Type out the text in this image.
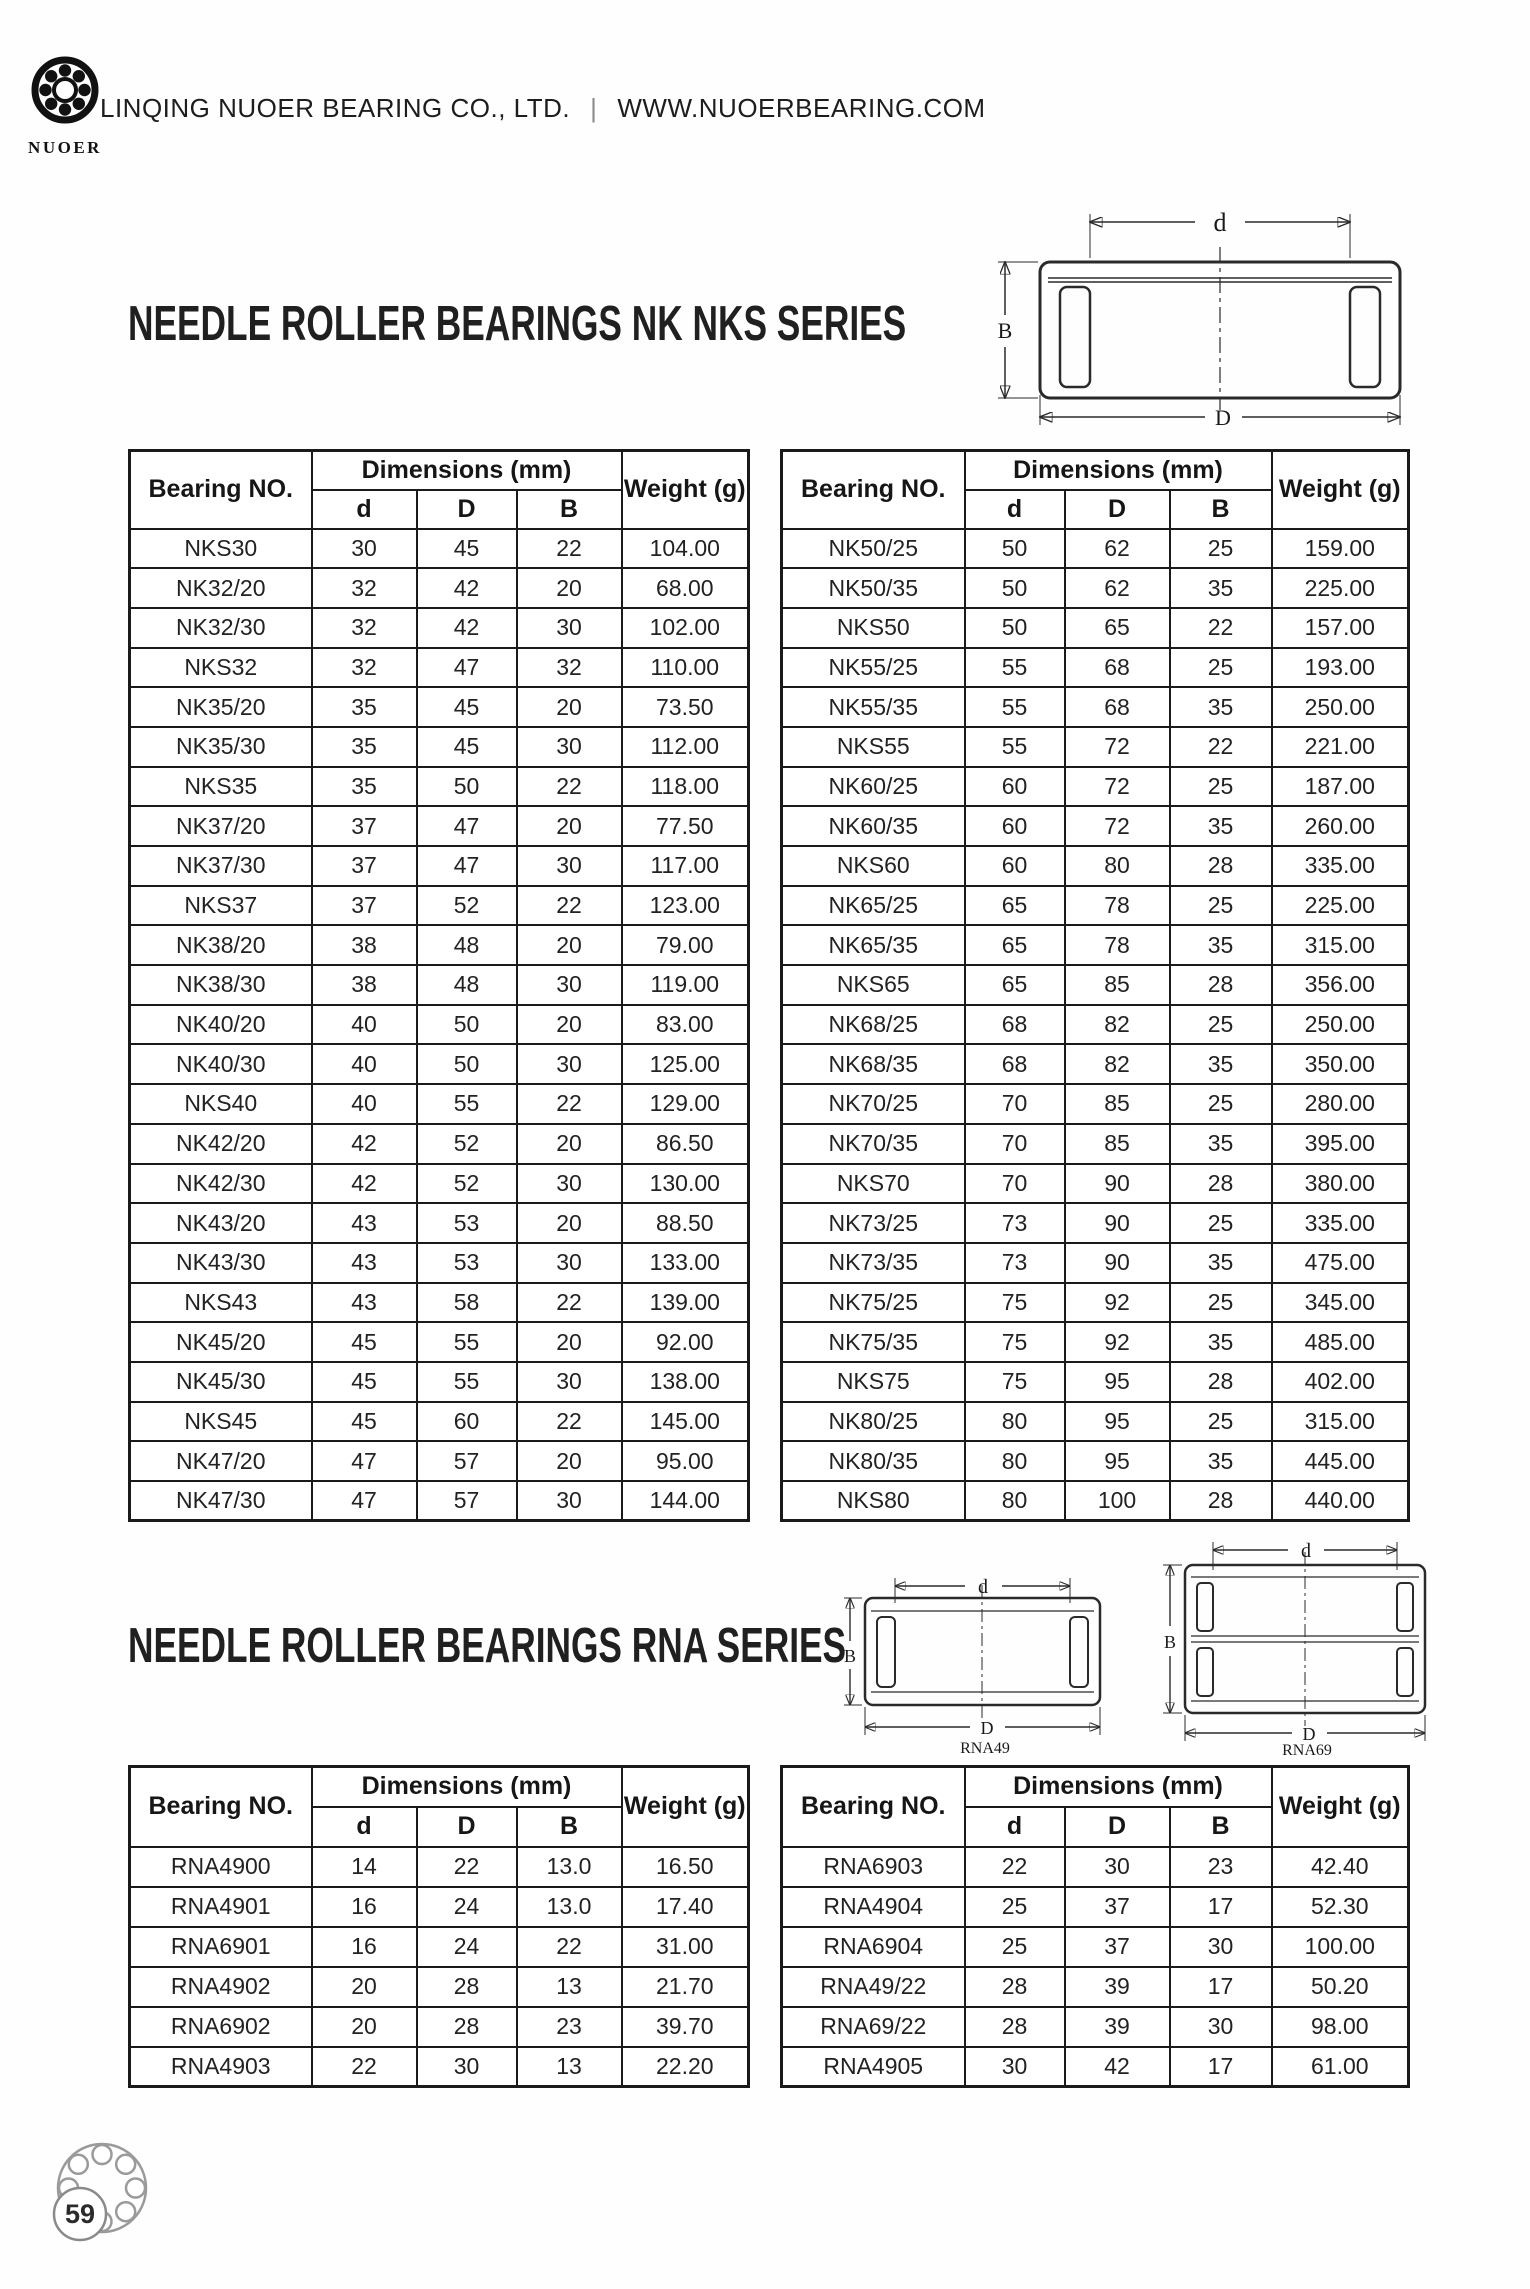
NUOER
LINQING NUOER BEARING CO., LTD. | WWW.NUOERBEARING.COM
NEEDLE ROLLER BEARINGS NK NKS SERIES
d
B
D
Bearing NO.	Dimensions (mm)			Weight (g)
	d	D	B	
NKS30	30	45	22	104.00
NK32/20	32	42	20	68.00
NK32/30	32	42	30	102.00
NKS32	32	47	32	110.00
NK35/20	35	45	20	73.50
NK35/30	35	45	30	112.00
NKS35	35	50	22	118.00
NK37/20	37	47	20	77.50
NK37/30	37	47	30	117.00
NKS37	37	52	22	123.00
NK38/20	38	48	20	79.00
NK38/30	38	48	30	119.00
NK40/20	40	50	20	83.00
NK40/30	40	50	30	125.00
NKS40	40	55	22	129.00
NK42/20	42	52	20	86.50
NK42/30	42	52	30	130.00
NK43/20	43	53	20	88.50
NK43/30	43	53	30	133.00
NKS43	43	58	22	139.00
NK45/20	45	55	20	92.00
NK45/30	45	55	30	138.00
NKS45	45	60	22	145.00
NK47/20	47	57	20	95.00
NK47/30	47	57	30	144.00
Bearing NO.	Dimensions (mm)			Weight (g)
	d	D	B	
NK50/25	50	62	25	159.00
NK50/35	50	62	35	225.00
NKS50	50	65	22	157.00
NK55/25	55	68	25	193.00
NK55/35	55	68	35	250.00
NKS55	55	72	22	221.00
NK60/25	60	72	25	187.00
NK60/35	60	72	35	260.00
NKS60	60	80	28	335.00
NK65/25	65	78	25	225.00
NK65/35	65	78	35	315.00
NKS65	65	85	28	356.00
NK68/25	68	82	25	250.00
NK68/35	68	82	35	350.00
NK70/25	70	85	25	280.00
NK70/35	70	85	35	395.00
NKS70	70	90	28	380.00
NK73/25	73	90	25	335.00
NK73/35	73	90	35	475.00
NK75/25	75	92	25	345.00
NK75/35	75	92	35	485.00
NKS75	75	95	28	402.00
NK80/25	80	95	25	315.00
NK80/35	80	95	35	445.00
NKS80	80	100	28	440.00
NEEDLE ROLLER BEARINGS RNA SERIES
d
B
D
RNA49
d
B
D
RNA69
Bearing NO.	Dimensions (mm)			Weight (g)
	d	D	B	
RNA4900	14	22	13.0	16.50
RNA4901	16	24	13.0	17.40
RNA6901	16	24	22	31.00
RNA4902	20	28	13	21.70
RNA6902	20	28	23	39.70
RNA4903	22	30	13	22.20
Bearing NO.	Dimensions (mm)			Weight (g)
	d	D	B	
RNA6903	22	30	23	42.40
RNA4904	25	37	17	52.30
RNA6904	25	37	30	100.00
RNA49/22	28	39	17	50.20
RNA69/22	28	39	30	98.00
RNA4905	30	42	17	61.00
59
